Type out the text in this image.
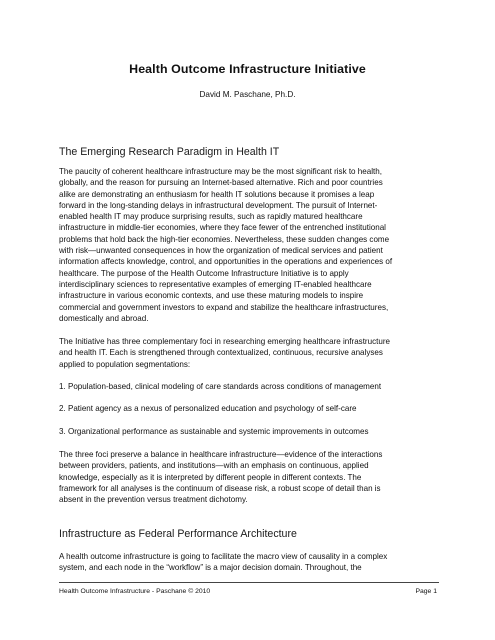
Health Outcome Infrastructure Initiative
David M. Paschane, Ph.D.
The Emerging Research Paradigm in Health IT

The paucity of coherent healthcare infrastructure may be the most significant risk to health,
globally, and the reason for pursuing an Internet-based alternative. Rich and poor countries
alike are demonstrating an enthusiasm for health IT solutions because it promises a leap
forward in the long-standing delays in infrastructural development. The pursuit of Internet-
enabled health IT may produce surprising results, such as rapidly matured healthcare
infrastructure in middle-tier economies, where they face fewer of the entrenched institutional
problems that hold back the high-tier economies. Nevertheless, these sudden changes come
with risk—unwanted consequences in how the organization of medical services and patient
information affects knowledge, control, and opportunities in the operations and experiences of
healthcare. The purpose of the Health Outcome Infrastructure Initiative is to apply
interdisciplinary sciences to representative examples of emerging IT-enabled healthcare
infrastructure in various economic contexts, and use these maturing models to inspire
commercial and government investors to expand and stabilize the healthcare infrastructures,
domestically and abroad.

The Initiative has three complementary foci in researching emerging healthcare infrastructure
and health IT. Each is strengthened through contextualized, continuous, recursive analyses
applied to population segmentations:

1. Population-based, clinical modeling of care standards across conditions of management

2. Patient agency as a nexus of personalized education and psychology of self-care

3. Organizational performance as sustainable and systemic improvements in outcomes

The three foci preserve a balance in healthcare infrastructure—evidence of the interactions
between providers, patients, and institutions—with an emphasis on continuous, applied
knowledge, especially as it is interpreted by different people in different contexts. The
framework for all analyses is the continuum of disease risk, a robust scope of detail than is
absent in the prevention versus treatment dichotomy.

Infrastructure as Federal Performance Architecture

A health outcome infrastructure is going to facilitate the macro view of causality in a complex
system, and each node in the “workflow” is a major decision domain. Throughout, the

Health Outcome Infrastructure - Paschane © 2010	Page 1
